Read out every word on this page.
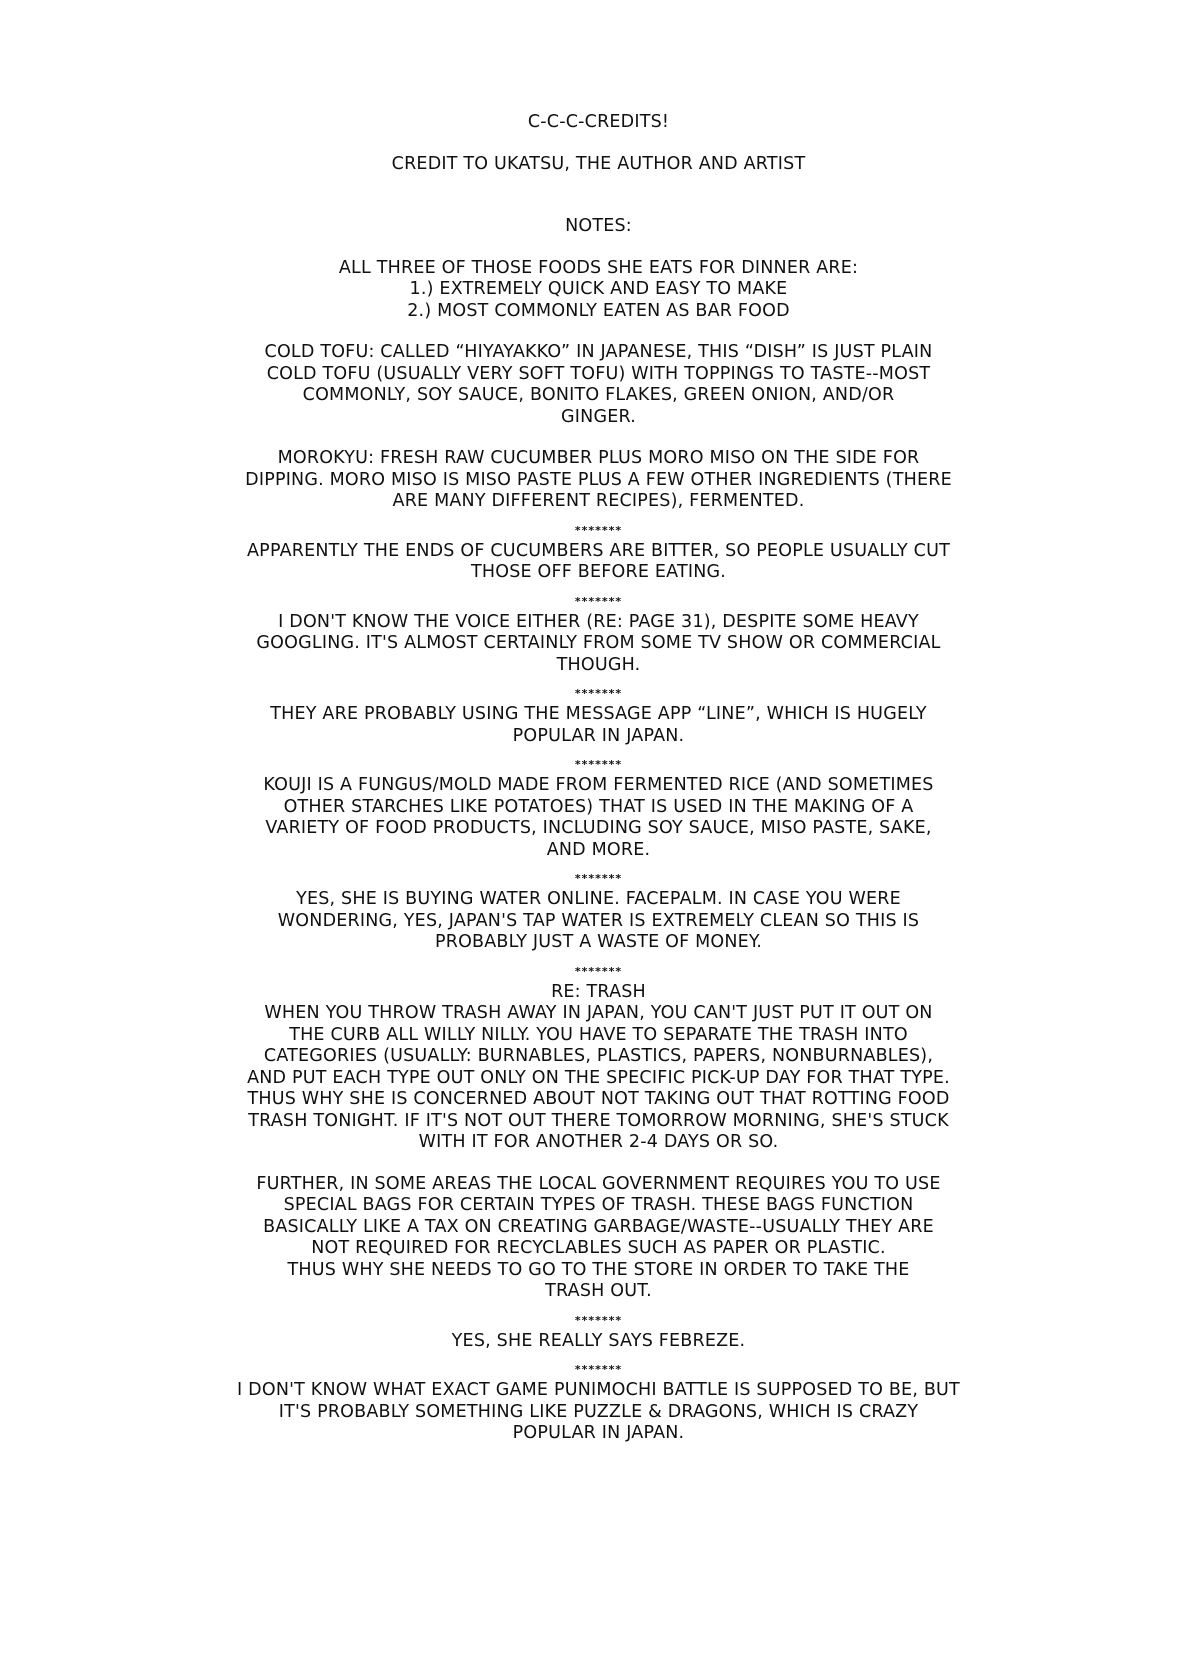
C-C-C-CREDITS!
CREDIT TO UKATSU, THE AUTHOR AND ARTIST
NOTES:
ALL THREE OF THOSE FOODS SHE EATS FOR DINNER ARE:
1.) EXTREMELY QUICK AND EASY TO MAKE
2.) MOST COMMONLY EATEN AS BAR FOOD
COLD TOFU: CALLED “HIYAYAKKO” IN JAPANESE, THIS “DISH” IS JUST PLAIN
COLD TOFU (USUALLY VERY SOFT TOFU) WITH TOPPINGS TO TASTE--MOST
COMMONLY, SOY SAUCE, BONITO FLAKES, GREEN ONION, AND/OR
GINGER.
MOROKYU: FRESH RAW CUCUMBER PLUS MORO MISO ON THE SIDE FOR
DIPPING. MORO MISO IS MISO PASTE PLUS A FEW OTHER INGREDIENTS (THERE
ARE MANY DIFFERENT RECIPES), FERMENTED.
*******
APPARENTLY THE ENDS OF CUCUMBERS ARE BITTER, SO PEOPLE USUALLY CUT
THOSE OFF BEFORE EATING.
*******
I DON'T KNOW THE VOICE EITHER (RE: PAGE 31), DESPITE SOME HEAVY
GOOGLING. IT'S ALMOST CERTAINLY FROM SOME TV SHOW OR COMMERCIAL
THOUGH.
*******
THEY ARE PROBABLY USING THE MESSAGE APP “LINE”, WHICH IS HUGELY
POPULAR IN JAPAN.
*******
KOUJI IS A FUNGUS/MOLD MADE FROM FERMENTED RICE (AND SOMETIMES
OTHER STARCHES LIKE POTATOES) THAT IS USED IN THE MAKING OF A
VARIETY OF FOOD PRODUCTS, INCLUDING SOY SAUCE, MISO PASTE, SAKE,
AND MORE.
*******
YES, SHE IS BUYING WATER ONLINE. FACEPALM. IN CASE YOU WERE
WONDERING, YES, JAPAN'S TAP WATER IS EXTREMELY CLEAN SO THIS IS
PROBABLY JUST A WASTE OF MONEY.
*******
RE: TRASH
WHEN YOU THROW TRASH AWAY IN JAPAN, YOU CAN'T JUST PUT IT OUT ON
THE CURB ALL WILLY NILLY. YOU HAVE TO SEPARATE THE TRASH INTO
CATEGORIES (USUALLY: BURNABLES, PLASTICS, PAPERS, NONBURNABLES),
AND PUT EACH TYPE OUT ONLY ON THE SPECIFIC PICK-UP DAY FOR THAT TYPE.
THUS WHY SHE IS CONCERNED ABOUT NOT TAKING OUT THAT ROTTING FOOD
TRASH TONIGHT. IF IT'S NOT OUT THERE TOMORROW MORNING, SHE'S STUCK
WITH IT FOR ANOTHER 2-4 DAYS OR SO.
FURTHER, IN SOME AREAS THE LOCAL GOVERNMENT REQUIRES YOU TO USE
SPECIAL BAGS FOR CERTAIN TYPES OF TRASH. THESE BAGS FUNCTION
BASICALLY LIKE A TAX ON CREATING GARBAGE/WASTE--USUALLY THEY ARE
NOT REQUIRED FOR RECYCLABLES SUCH AS PAPER OR PLASTIC.
THUS WHY SHE NEEDS TO GO TO THE STORE IN ORDER TO TAKE THE
TRASH OUT.
*******
YES, SHE REALLY SAYS FEBREZE.
*******
I DON'T KNOW WHAT EXACT GAME PUNIMOCHI BATTLE IS SUPPOSED TO BE, BUT
IT'S PROBABLY SOMETHING LIKE PUZZLE & DRAGONS, WHICH IS CRAZY
POPULAR IN JAPAN.
